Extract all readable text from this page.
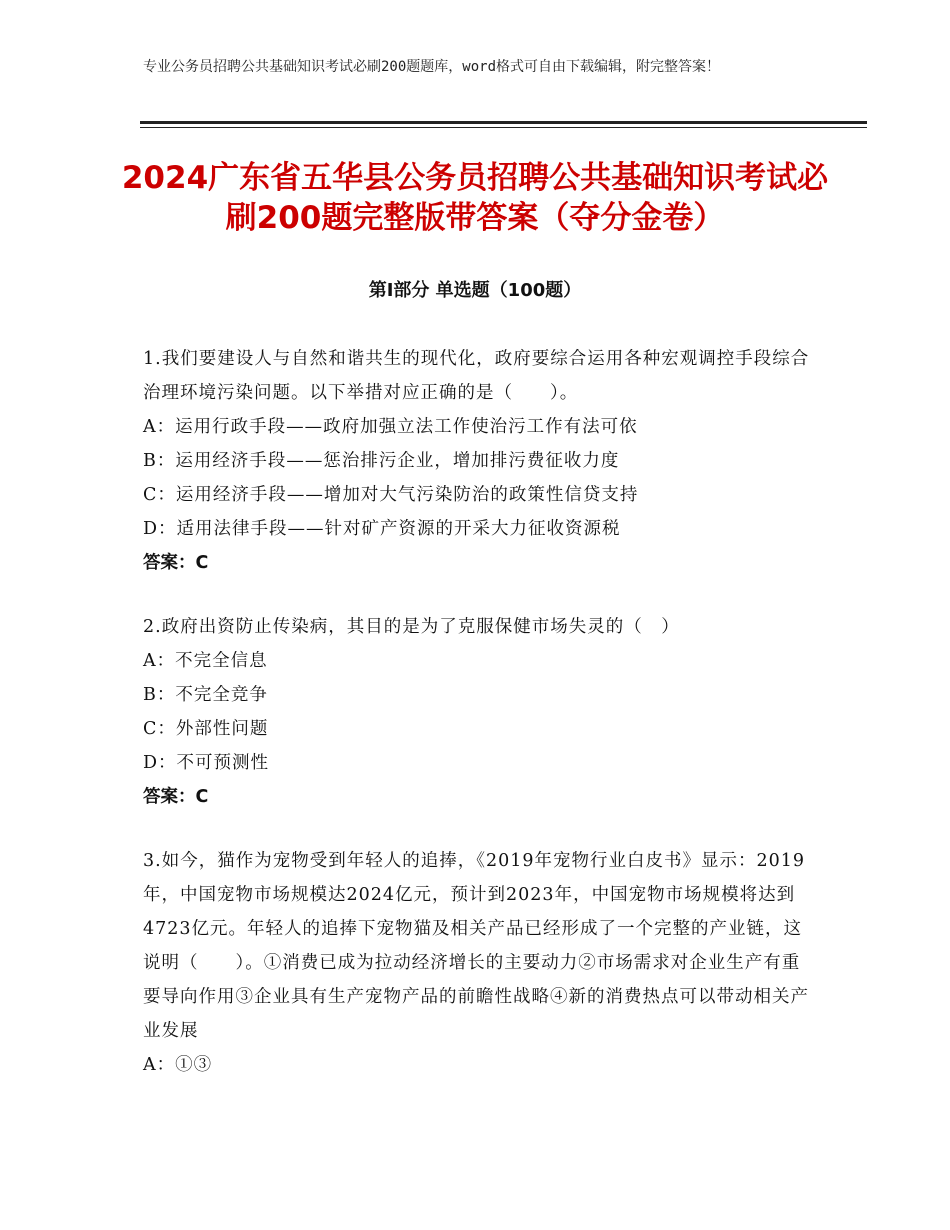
专业公务员招聘公共基础知识考试必刷200题题库，word格式可自由下载编辑，附完整答案！
2024广东省五华县公务员招聘公共基础知识考试必刷200题完整版带答案（夺分金卷）
第Ⅰ部分 单选题（100题）
1.我们要建设人与自然和谐共生的现代化，政府要综合运用各种宏观调控手段综合治理环境污染问题。以下举措对应正确的是（　　）。
A：运用行政手段——政府加强立法工作使治污工作有法可依
B：运用经济手段——惩治排污企业，增加排污费征收力度
C：运用经济手段——增加对大气污染防治的政策性信贷支持
D：适用法律手段——针对矿产资源的开采大力征收资源税
答案：C
2.政府出资防止传染病，其目的是为了克服保健市场失灵的（　）
A：不完全信息
B：不完全竞争
C：外部性问题
D：不可预测性
答案：C
3.如今，猫作为宠物受到年轻人的追捧，《2019年宠物行业白皮书》显示：2019年，中国宠物市场规模达2024亿元，预计到2023年，中国宠物市场规模将达到4723亿元。年轻人的追捧下宠物猫及相关产品已经形成了一个完整的产业链，这说明（　　）。①消费已成为拉动经济增长的主要动力②市场需求对企业生产有重要导向作用③企业具有生产宠物产品的前瞻性战略④新的消费热点可以带动相关产业发展
A：①③
